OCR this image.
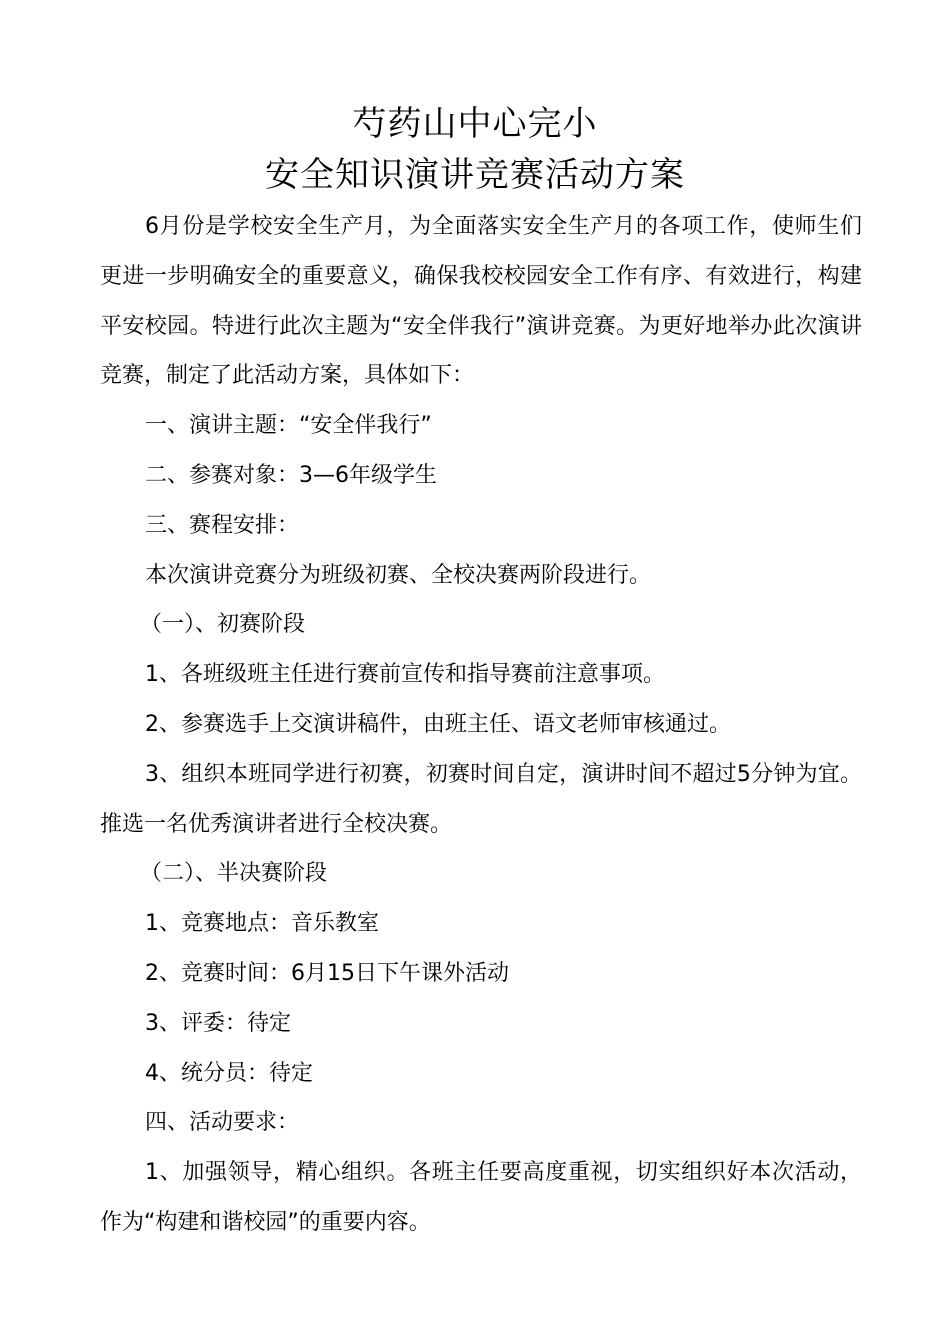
芍药山中心完小
安全知识演讲竞赛活动方案

6月份是学校安全生产月，为全面落实安全生产月的各项工作，使师生们更进一步明确安全的重要意义，确保我校校园安全工作有序、有效进行，构建平安校园。特进行此次主题为“安全伴我行”演讲竞赛。为更好地举办此次演讲竞赛，制定了此活动方案，具体如下：

一、演讲主题：“安全伴我行”

二、参赛对象：3—6年级学生

三、赛程安排：

本次演讲竞赛分为班级初赛、全校决赛两阶段进行。

（一）、初赛阶段

1、各班级班主任进行赛前宣传和指导赛前注意事项。

2、参赛选手上交演讲稿件，由班主任、语文老师审核通过。

3、组织本班同学进行初赛，初赛时间自定，演讲时间不超过5分钟为宜。推选一名优秀演讲者进行全校决赛。

（二）、半决赛阶段

1、竞赛地点：音乐教室

2、竞赛时间：6月15日下午课外活动

3、评委：待定

4、统分员：待定

四、活动要求：

1、加强领导，精心组织。各班主任要高度重视，切实组织好本次活动，作为“构建和谐校园”的重要内容。
